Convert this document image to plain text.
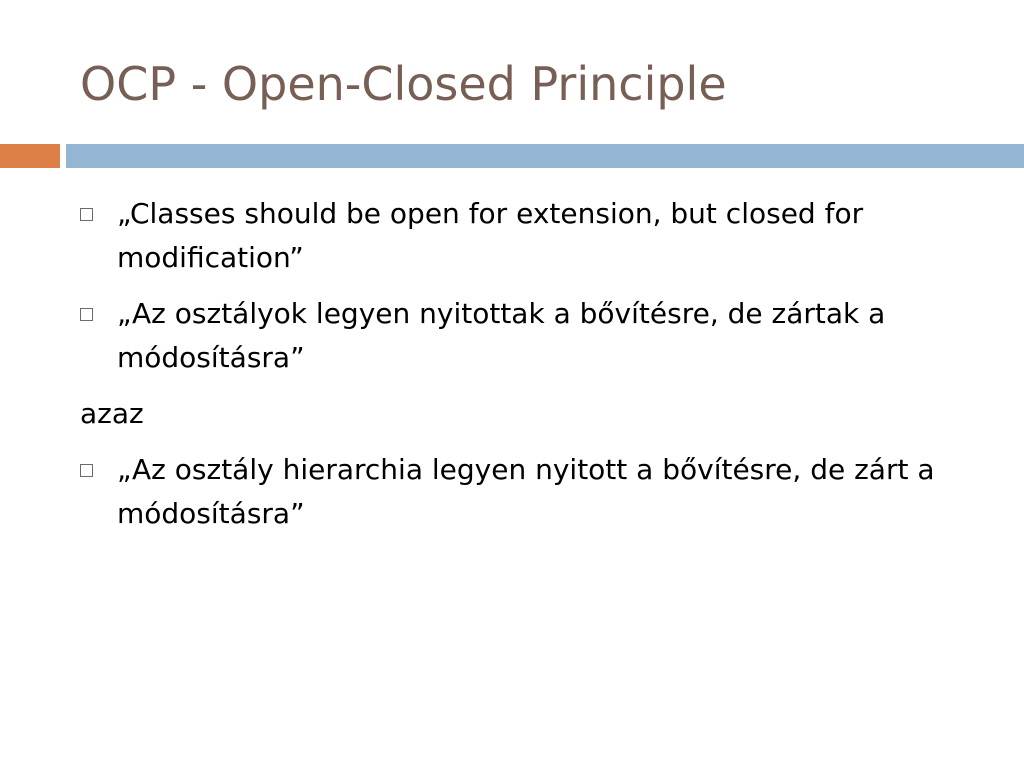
OCP - Open-Closed Principle
„Classes should be open for extension, but closed for modification”
„Az osztályok legyen nyitottak a bővítésre, de zártak a módosításra”
azaz
„Az osztály hierarchia legyen nyitott a bővítésre, de zárt a módosításra”
